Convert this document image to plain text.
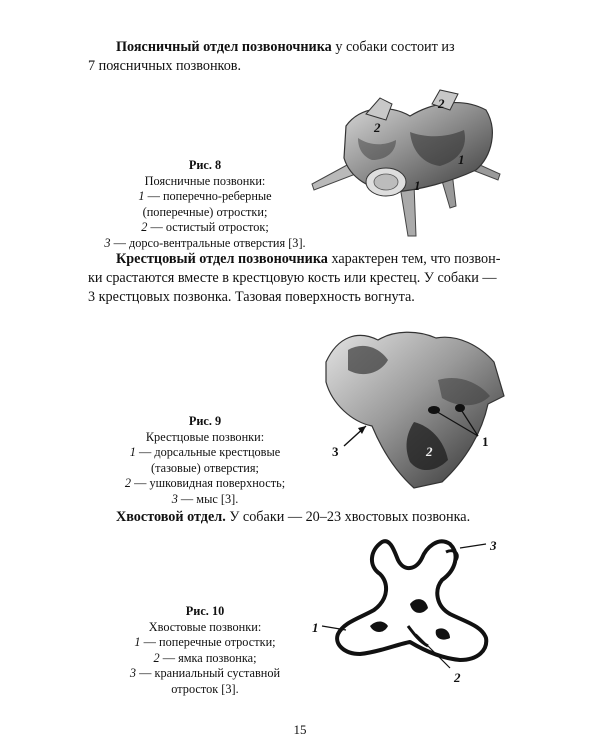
Поясничный отдел позвоночника у собаки состоит из
7 поясничных позвонков.
2
2
1
1
Рис. 8
Поясничные позвонки:
1 — поперечно-реберные
(поперечные) отростки;
2 — остистый отросток;
3 — дорсо-вентральные отверстия [3].
Крестцовый отдел позвоночника характерен тем, что позвон-
ки срастаются вместе в крестцовую кость или крестец. У собаки —
3 крестцовых позвонка. Тазовая поверхность вогнута.
3	2
1
Рис. 9
Крестцовые позвонки:
1 — дорсальные крестцовые
(тазовые) отверстия;
2 — ушковидная поверхность;
3 — мыс [3].
Хвостовой отдел. У собаки — 20–23 хвостовых позвонка.
3
1
2
Рис. 10
Хвостовые позвонки:
1 — поперечные отростки;
2 — ямка позвонка;
3 — краниальный суставной
отросток [3].
15
